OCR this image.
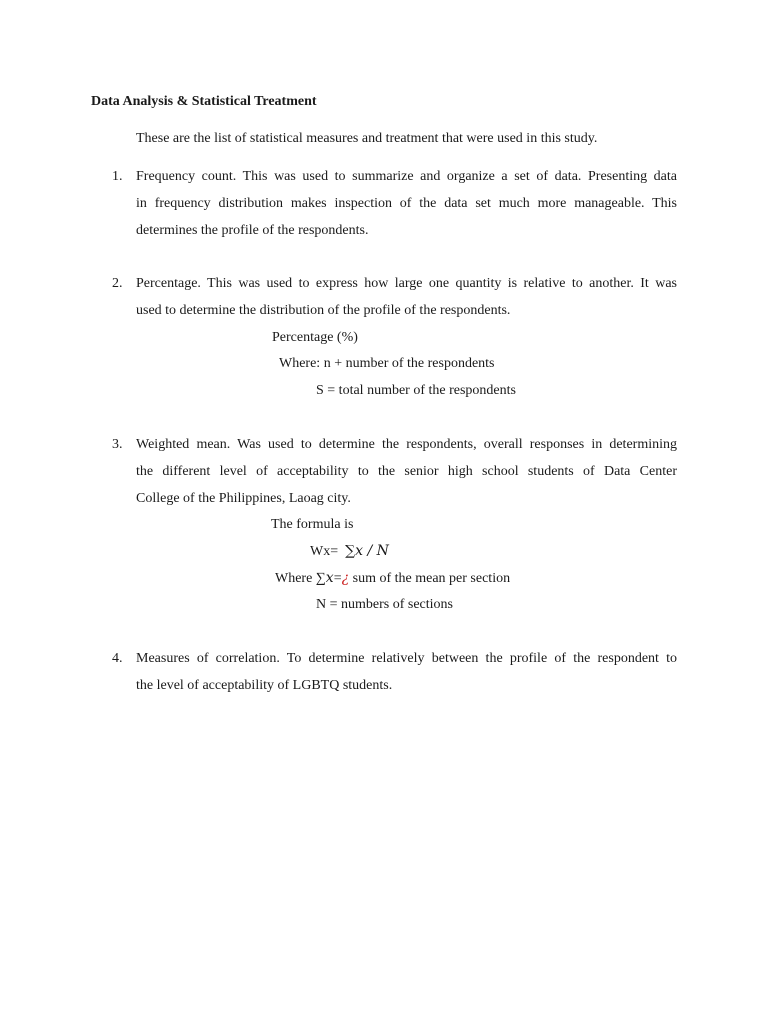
Data Analysis & Statistical Treatment
These are the list of statistical measures and treatment that were used in this study.
1. Frequency count. This was used to summarize and organize a set of data. Presenting data
in frequency distribution makes inspection of the data set much more manageable. This
determines the profile of the respondents.
2. Percentage. This was used to express how large one quantity is relative to another. It was
used to determine the distribution of the profile of the respondents.
Percentage (%)
Where: n + number of the respondents
S = total number of the respondents
3. Weighted mean. Was used to determine the respondents, overall responses in determining
the different level of acceptability to the senior high school students of Data Center
College of the Philippines, Laoag city.
The formula is
Wx= ∑x / N
Where ∑x=¿ sum of the mean per section
N = numbers of sections
4. Measures of correlation. To determine relatively between the profile of the respondent to
the level of acceptability of LGBTQ students.
